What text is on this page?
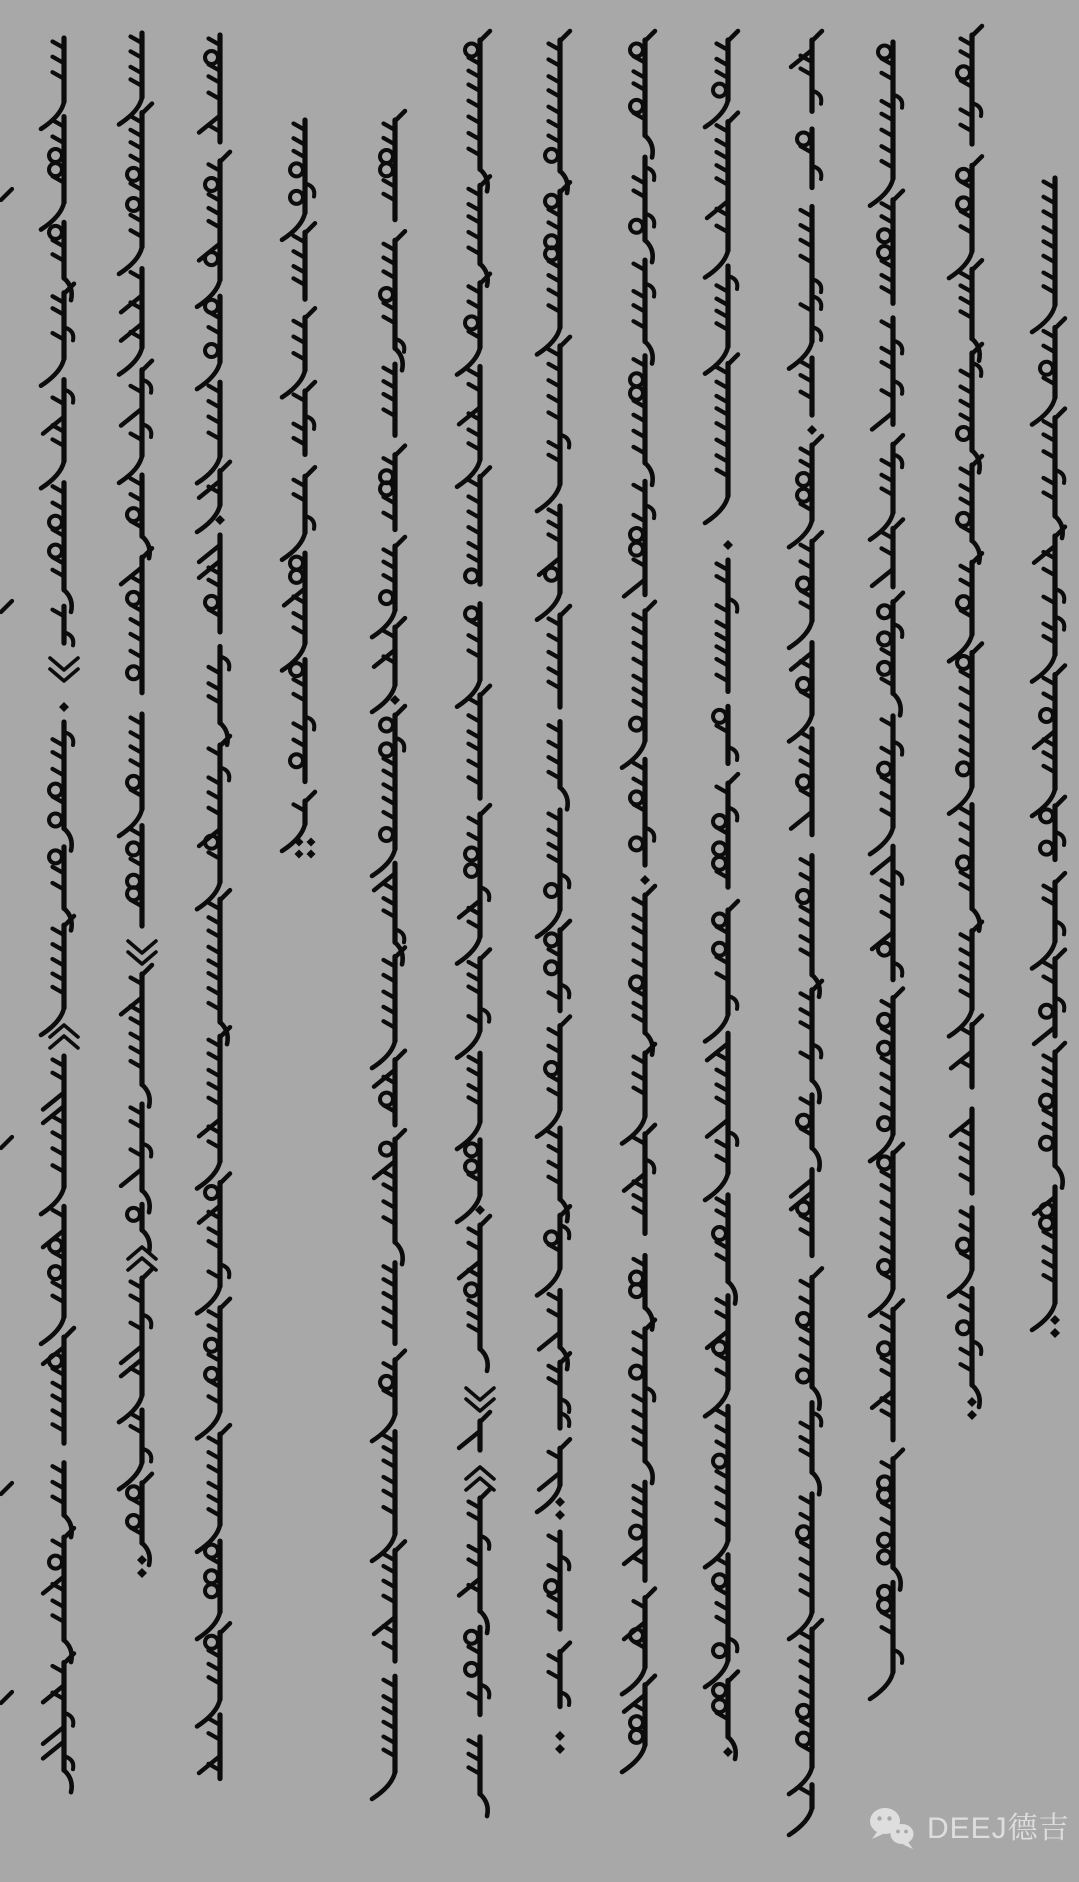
DEEJ德吉
